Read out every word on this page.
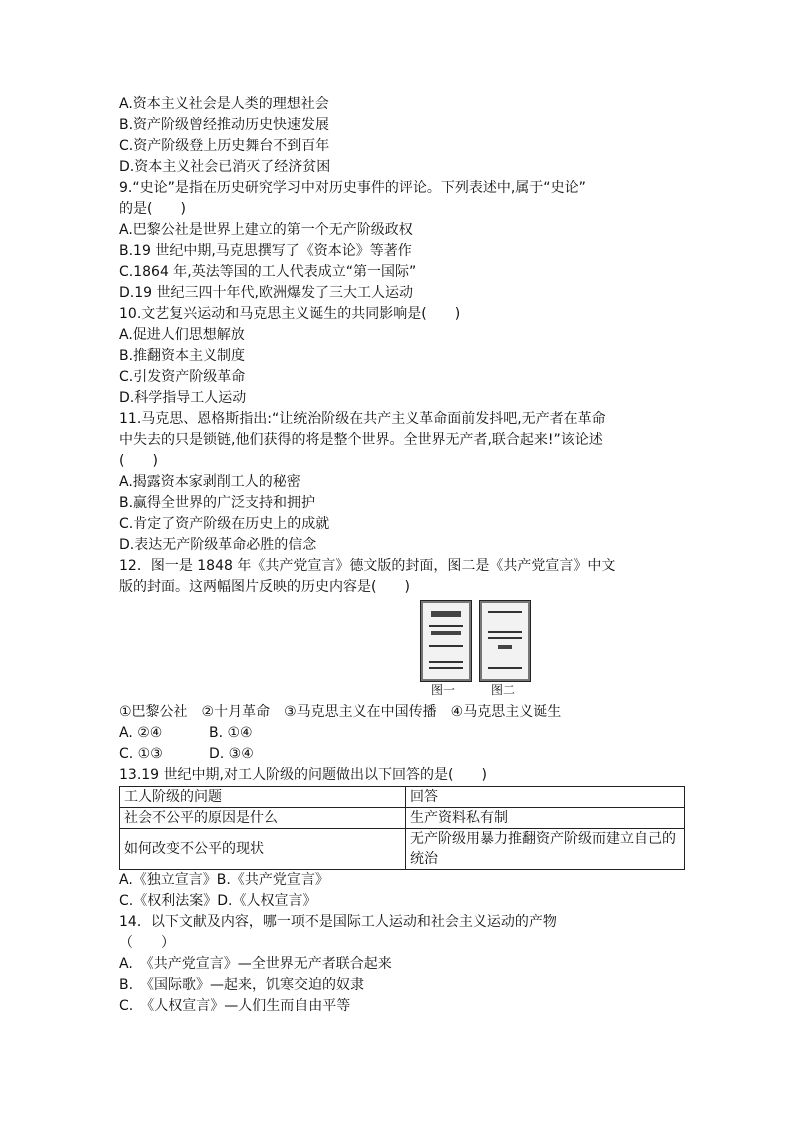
A.资本主义社会是人类的理想社会
B.资产阶级曾经推动历史快速发展
C.资产阶级登上历史舞台不到百年
D.资本主义社会已消灭了经济贫困
9.“史论”是指在历史研究学习中对历史事件的评论。下列表述中,属于“史论”
的是(　　)
A.巴黎公社是世界上建立的第一个无产阶级政权
B.19 世纪中期,马克思撰写了《资本论》等著作
C.1864 年,英法等国的工人代表成立“第一国际”
D.19 世纪三四十年代,欧洲爆发了三大工人运动
10.文艺复兴运动和马克思主义诞生的共同影响是(　　)
A.促进人们思想解放
B.推翻资本主义制度
C.引发资产阶级革命
D.科学指导工人运动
11.马克思、恩格斯指出:“让统治阶级在共产主义革命面前发抖吧,无产者在革命
中失去的只是锁链,他们获得的将是整个世界。全世界无产者,联合起来!”该论述
(　　)
A.揭露资本家剥削工人的秘密
B.赢得全世界的广泛支持和拥护
C.肯定了资产阶级在历史上的成就
D.表达无产阶级革命必胜的信念
12．图一是 1848 年《共产党宣言》德文版的封面，图二是《共产党宣言》中文
版的封面。这两幅图片反映的历史内容是(　　)
图一	图二
①巴黎公社　②十月革命　③马克思主义在中国传播　④马克思主义诞生
A. ②④	B. ①④
C. ①③	D. ③④
13.19 世纪中期,对工人阶级的问题做出以下回答的是(　　)
工人阶级的问题	回答
社会不公平的原因是什么	生产资料私有制
如何改变不公平的现状	无产阶级用暴力推翻资产阶级而建立自己的统治
A.《独立宣言》B.《共产党宣言》
C.《权利法案》D.《人权宣言》
14．以下文献及内容，哪一项不是国际工人运动和社会主义运动的产物
（　　）
A.　《共产党宣言》—全世界无产者联合起来
B.　《国际歌》—起来，饥寒交迫的奴隶
C.　《人权宣言》—人们生而自由平等
